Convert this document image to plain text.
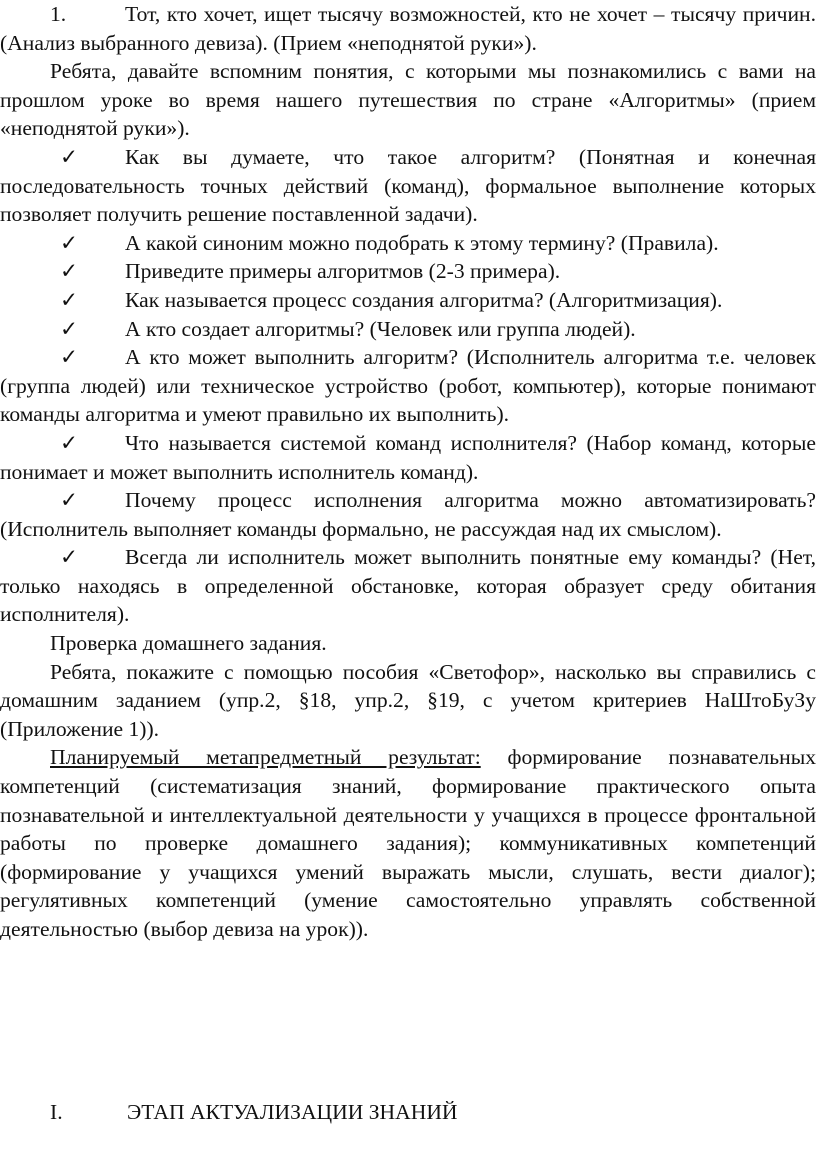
1.	Тот, кто хочет, ищет тысячу возможностей, кто не хочет – тысячу причин. (Анализ выбранного девиза). (Прием «неподнятой руки»).

Ребята, давайте вспомним понятия, с которыми мы познакомились с вами на прошлом уроке во время нашего путешествия по стране «Алгоритмы» (прием «неподнятой руки»).

✓ Как вы думаете, что такое алгоритм? (Понятная и конечная последовательность точных действий (команд), формальное выполнение которых позволяет получить решение поставленной задачи).

✓ А какой синоним можно подобрать к этому термину? (Правила).

✓ Приведите примеры алгоритмов (2-3 примера).

✓ Как называется процесс создания алгоритма? (Алгоритмизация).

✓ А кто создает алгоритмы? (Человек или группа людей).

✓ А кто может выполнить алгоритм? (Исполнитель алгоритма т.е. человек (группа людей) или техническое устройство (робот, компьютер), которые понимают команды алгоритма и умеют правильно их выполнить).

✓ Что называется системой команд исполнителя? (Набор команд, которые понимает и может выполнить исполнитель команд).

✓ Почему процесс исполнения алгоритма можно автоматизировать? (Исполнитель выполняет команды формально, не рассуждая над их смыслом).

✓ Всегда ли исполнитель может выполнить понятные ему команды? (Нет, только находясь в определенной обстановке, которая образует среду обитания исполнителя).

Проверка домашнего задания.

Ребята, покажите с помощью пособия «Светофор», насколько вы справились с домашним заданием (упр.2, §18, упр.2, §19, с учетом критериев НаШтоБуЗу (Приложение 1)).

Планируемый метапредметный результат: формирование познавательных компетенций (систематизация знаний, формирование практического опыта познавательной и интеллектуальной деятельности у учащихся в процессе фронтальной работы по проверке домашнего задания); коммуникативных компетенций (формирование у учащихся умений выражать мысли, слушать, вести диалог); регулятивных компетенций (умение самостоятельно управлять собственной деятельностью (выбор девиза на урок)).

I.	ЭТАП АКТУАЛИЗАЦИИ ЗНАНИЙ
